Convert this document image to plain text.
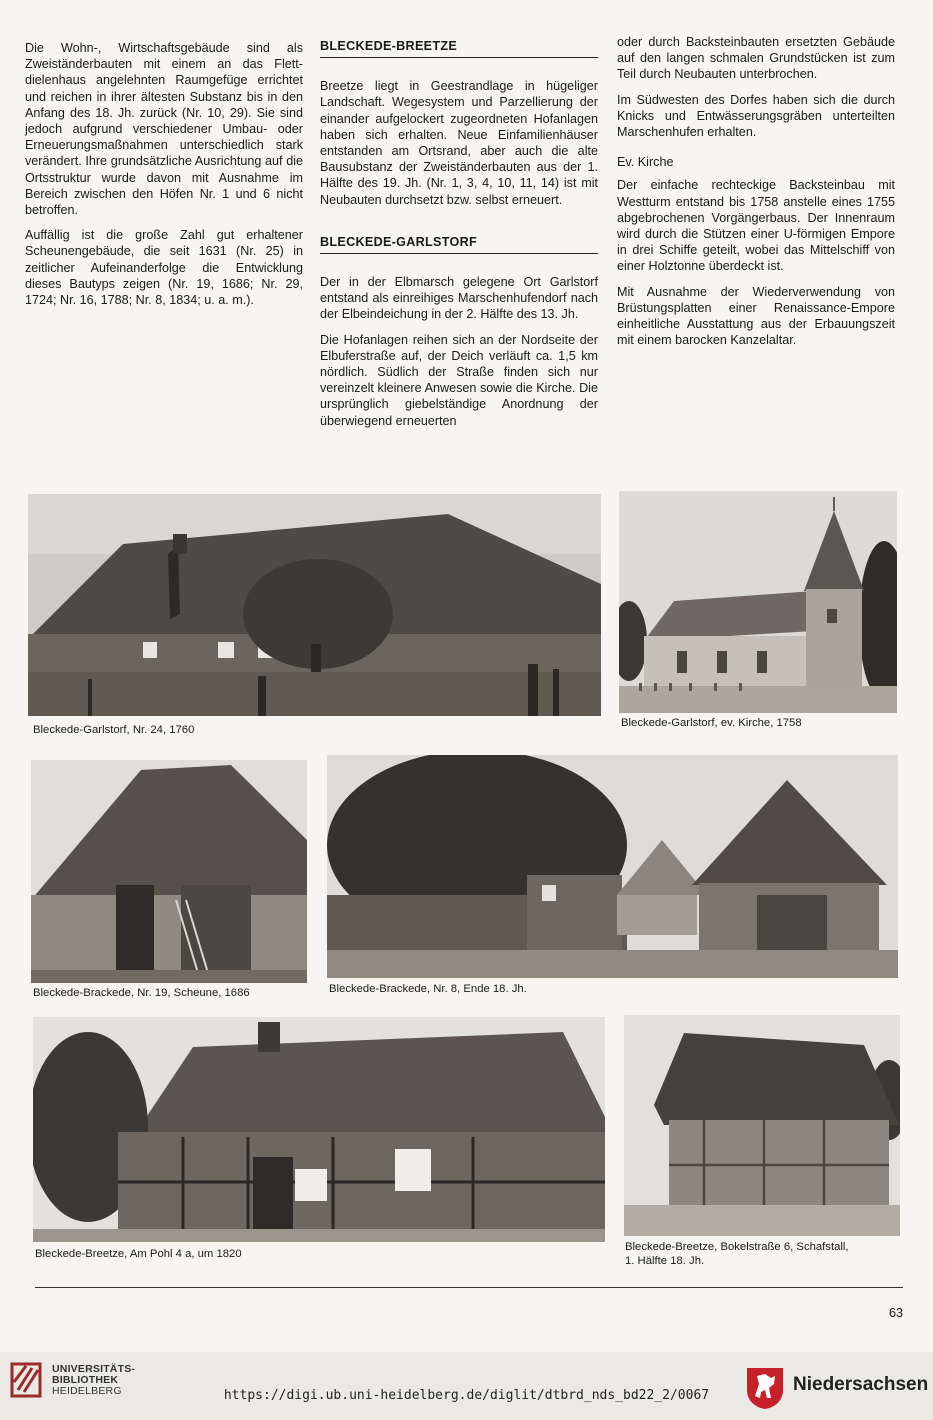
Die Wohn-, Wirtschaftsgebäude sind als Zweiständerbauten mit einem an das Flett-dielenhaus angelehnten Raumgefüge errichtet und reichen in ihrer ältesten Substanz bis in den Anfang des 18. Jh. zurück (Nr. 10, 29). Sie sind jedoch aufgrund verschiedener Umbau- oder Erneuerungsmaßnahmen unterschiedlich stark verändert. Ihre grundsätzliche Ausrichtung auf die Ortsstruktur wurde davon mit Ausnahme im Bereich zwischen den Höfen Nr. 1 und 6 nicht betroffen.

Auffällig ist die große Zahl gut erhaltener Scheunengebäude, die seit 1631 (Nr. 25) in zeitlicher Aufeinanderfolge die Entwicklung dieses Bautyps zeigen (Nr. 19, 1686; Nr. 29, 1724; Nr. 16, 1788; Nr. 8, 1834; u. a. m.).

BLECKEDE-BREETZE

Breetze liegt in Geestrandlage in hügeliger Landschaft. Wegesystem und Parzellierung der einander aufgelockert zugeordneten Hofanlagen haben sich erhalten. Neue Einfamilienhäuser entstanden am Ortsrand, aber auch die alte Bausubstanz der Zweiständerbauten aus der 1. Hälfte des 19. Jh. (Nr. 1, 3, 4, 10, 11, 14) ist mit Neubauten durchsetzt bzw. selbst erneuert.

BLECKEDE-GARLSTORF

Der in der Elbmarsch gelegene Ort Garlstorf entstand als einreihiges Marschenhufendorf nach der Elbeindeichung in der 2. Hälfte des 13. Jh.

Die Hofanlagen reihen sich an der Nordseite der Elbuferstraße auf, der Deich verläuft ca. 1,5 km nördlich. Südlich der Straße finden sich nur vereinzelt kleinere Anwesen sowie die Kirche. Die ursprünglich giebelständige Anordnung der überwiegend erneuerten

oder durch Backsteinbauten ersetzten Gebäude auf den langen schmalen Grundstücken ist zum Teil durch Neubauten unterbrochen.

Im Südwesten des Dorfes haben sich die durch Knicks und Entwässerungsgräben unterteilten Marschenhufen erhalten.

Ev. Kirche

Der einfache rechteckige Backsteinbau mit Westturm entstand bis 1758 anstelle eines 1755 abgebrochenen Vorgängerbaus. Der Innenraum wird durch die Stützen einer U-förmigen Empore in drei Schiffe geteilt, wobei das Mittelschiff von einer Holztonne überdeckt ist.

Mit Ausnahme der Wiederverwendung von Brüstungsplatten einer Renaissance-Empore einheitliche Ausstattung aus der Erbauungszeit mit einem barocken Kanzelaltar.

Bleckede-Garlstorf, Nr. 24, 1760
Bleckede-Garlstorf, ev. Kirche, 1758
Bleckede-Brackede, Nr. 19, Scheune, 1686	Bleckede-Brackede, Nr. 8, Ende 18. Jh.
Bleckede-Breetze, Am Pohl 4 a, um 1820
Bleckede-Breetze, Bokelstraße 6, Schafstall,
1. Hälfte 18. Jh.
63
UNIVERSITÄTS-
BIBLIOTHEK
HEIDELBERG	https://digi.ub.uni-heidelberg.de/diglit/dtbrd_nds_bd22_2/0067
Niedersachsen
